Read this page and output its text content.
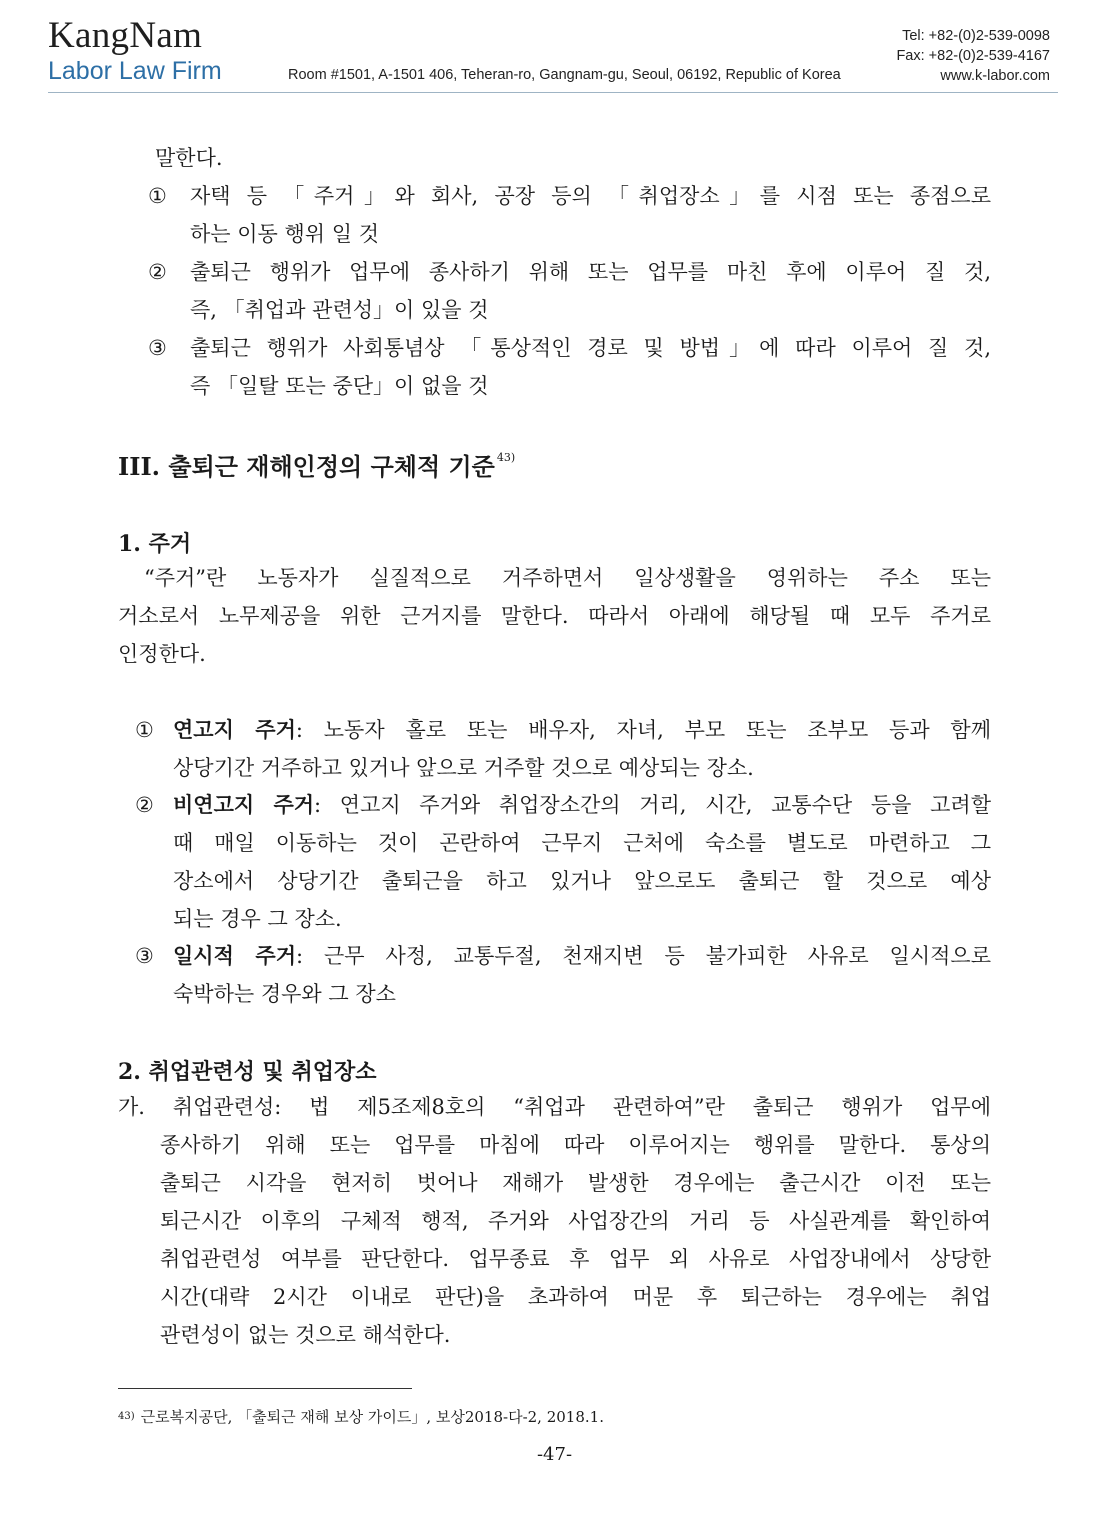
KangNam
Labor Law Firm	Room #1501, A-1501 406, Teheran-ro, Gangnam-gu, Seoul, 06192, Republic of Korea
Tel: +82-(0)2-539-0098
Fax: +82-(0)2-539-4167
www.k-labor.com
말한다.
① 자택 등 「주거」와 회사, 공장 등의 「취업장소」를 시점 또는 종점으로
하는 이동 행위 일 것
② 출퇴근 행위가 업무에 종사하기 위해 또는 업무를 마친 후에 이루어 질 것,
즉, 「취업과 관련성」이 있을 것
③ 출퇴근 행위가 사회통념상 「통상적인 경로 및 방법」에 따라 이루어 질 것,
즉 「일탈 또는 중단」이 없을 것
III. 출퇴근 재해인정의 구체적 기준 $^{43)}$
1. 주거
“주거”란 노동자가 실질적으로 거주하면서 일상생활을 영위하는 주소 또는
거소로서 노무제공을 위한 근거지를 말한다. 따라서 아래에 해당될 때 모두 주거로
인정한다.
① 연고지 주거: 노동자 홀로 또는 배우자, 자녀, 부모 또는 조부모 등과 함께
상당기간 거주하고 있거나 앞으로 거주할 것으로 예상되는 장소.
② 비연고지 주거: 연고지 주거와 취업장소간의 거리, 시간, 교통수단 등을 고려할
때 매일 이동하는 것이 곤란하여 근무지 근처에 숙소를 별도로 마련하고 그
장소에서 상당기간 출퇴근을 하고 있거나 앞으로도 출퇴근 할 것으로 예상
되는 경우 그 장소.
③ 일시적 주거: 근무 사정, 교통두절, 천재지변 등 불가피한 사유로 일시적으로
숙박하는 경우와 그 장소
2. 취업관련성 및 취업장소
가. 취업관련성: 법 제5조제8호의 “취업과 관련하여”란 출퇴근 행위가 업무에
종사하기 위해 또는 업무를 마침에 따라 이루어지는 행위를 말한다. 통상의
출퇴근 시각을 현저히 벗어나 재해가 발생한 경우에는 출근시간 이전 또는
퇴근시간 이후의 구체적 행적, 주거와 사업장간의 거리 등 사실관계를 확인하여
취업관련성 여부를 판단한다. 업무종료 후 업무 외 사유로 사업장내에서 상당한
시간(대략 2시간 이내로 판단)을 초과하여 머문 후 퇴근하는 경우에는 취업
관련성이 없는 것으로 해석한다.
$^{43)}$ 근로복지공단, 「출퇴근 재해 보상 가이드」, 보상2018-다-2, 2018.1.
-47-
